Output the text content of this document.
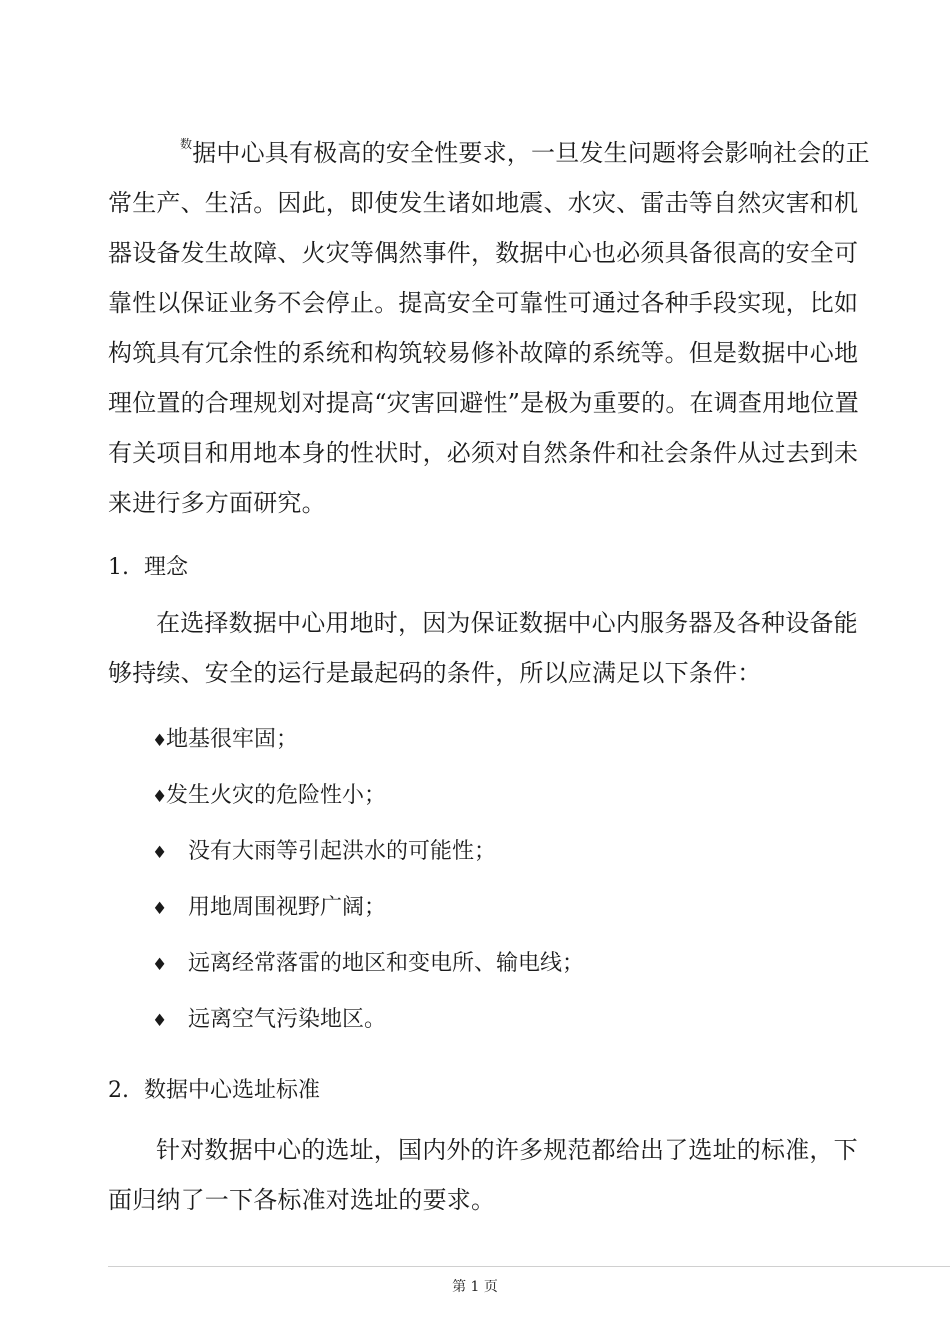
$^数$据中心具有极高的安全性要求，一旦发生问题将会影响社会的正常生产、生活。因此，即使发生诸如地震、水灾、雷击等自然灾害和机器设备发生故障、火灾等偶然事件，数据中心也必须具备很高的安全可靠性以保证业务不会停止。提高安全可靠性可通过各种手段实现，比如构筑具有冗余性的系统和构筑较易修补故障的系统等。但是数据中心地理位置的合理规划对提高“灾害回避性”是极为重要的。在调查用地位置有关项目和用地本身的性状时，必须对自然条件和社会条件从过去到未来进行多方面研究。
1. 理念
在选择数据中心用地时，因为保证数据中心内服务器及各种设备能够持续、安全的运行是最起码的条件，所以应满足以下条件：
♦地基很牢固；
♦发生火灾的危险性小；
♦ 没有大雨等引起洪水的可能性；
♦ 用地周围视野广阔；
♦ 远离经常落雷的地区和变电所、输电线；
♦ 远离空气污染地区。
2. 数据中心选址标准
针对数据中心的选址，国内外的许多规范都给出了选址的标准，下面归纳了一下各标准对选址的要求。
第 1 页
